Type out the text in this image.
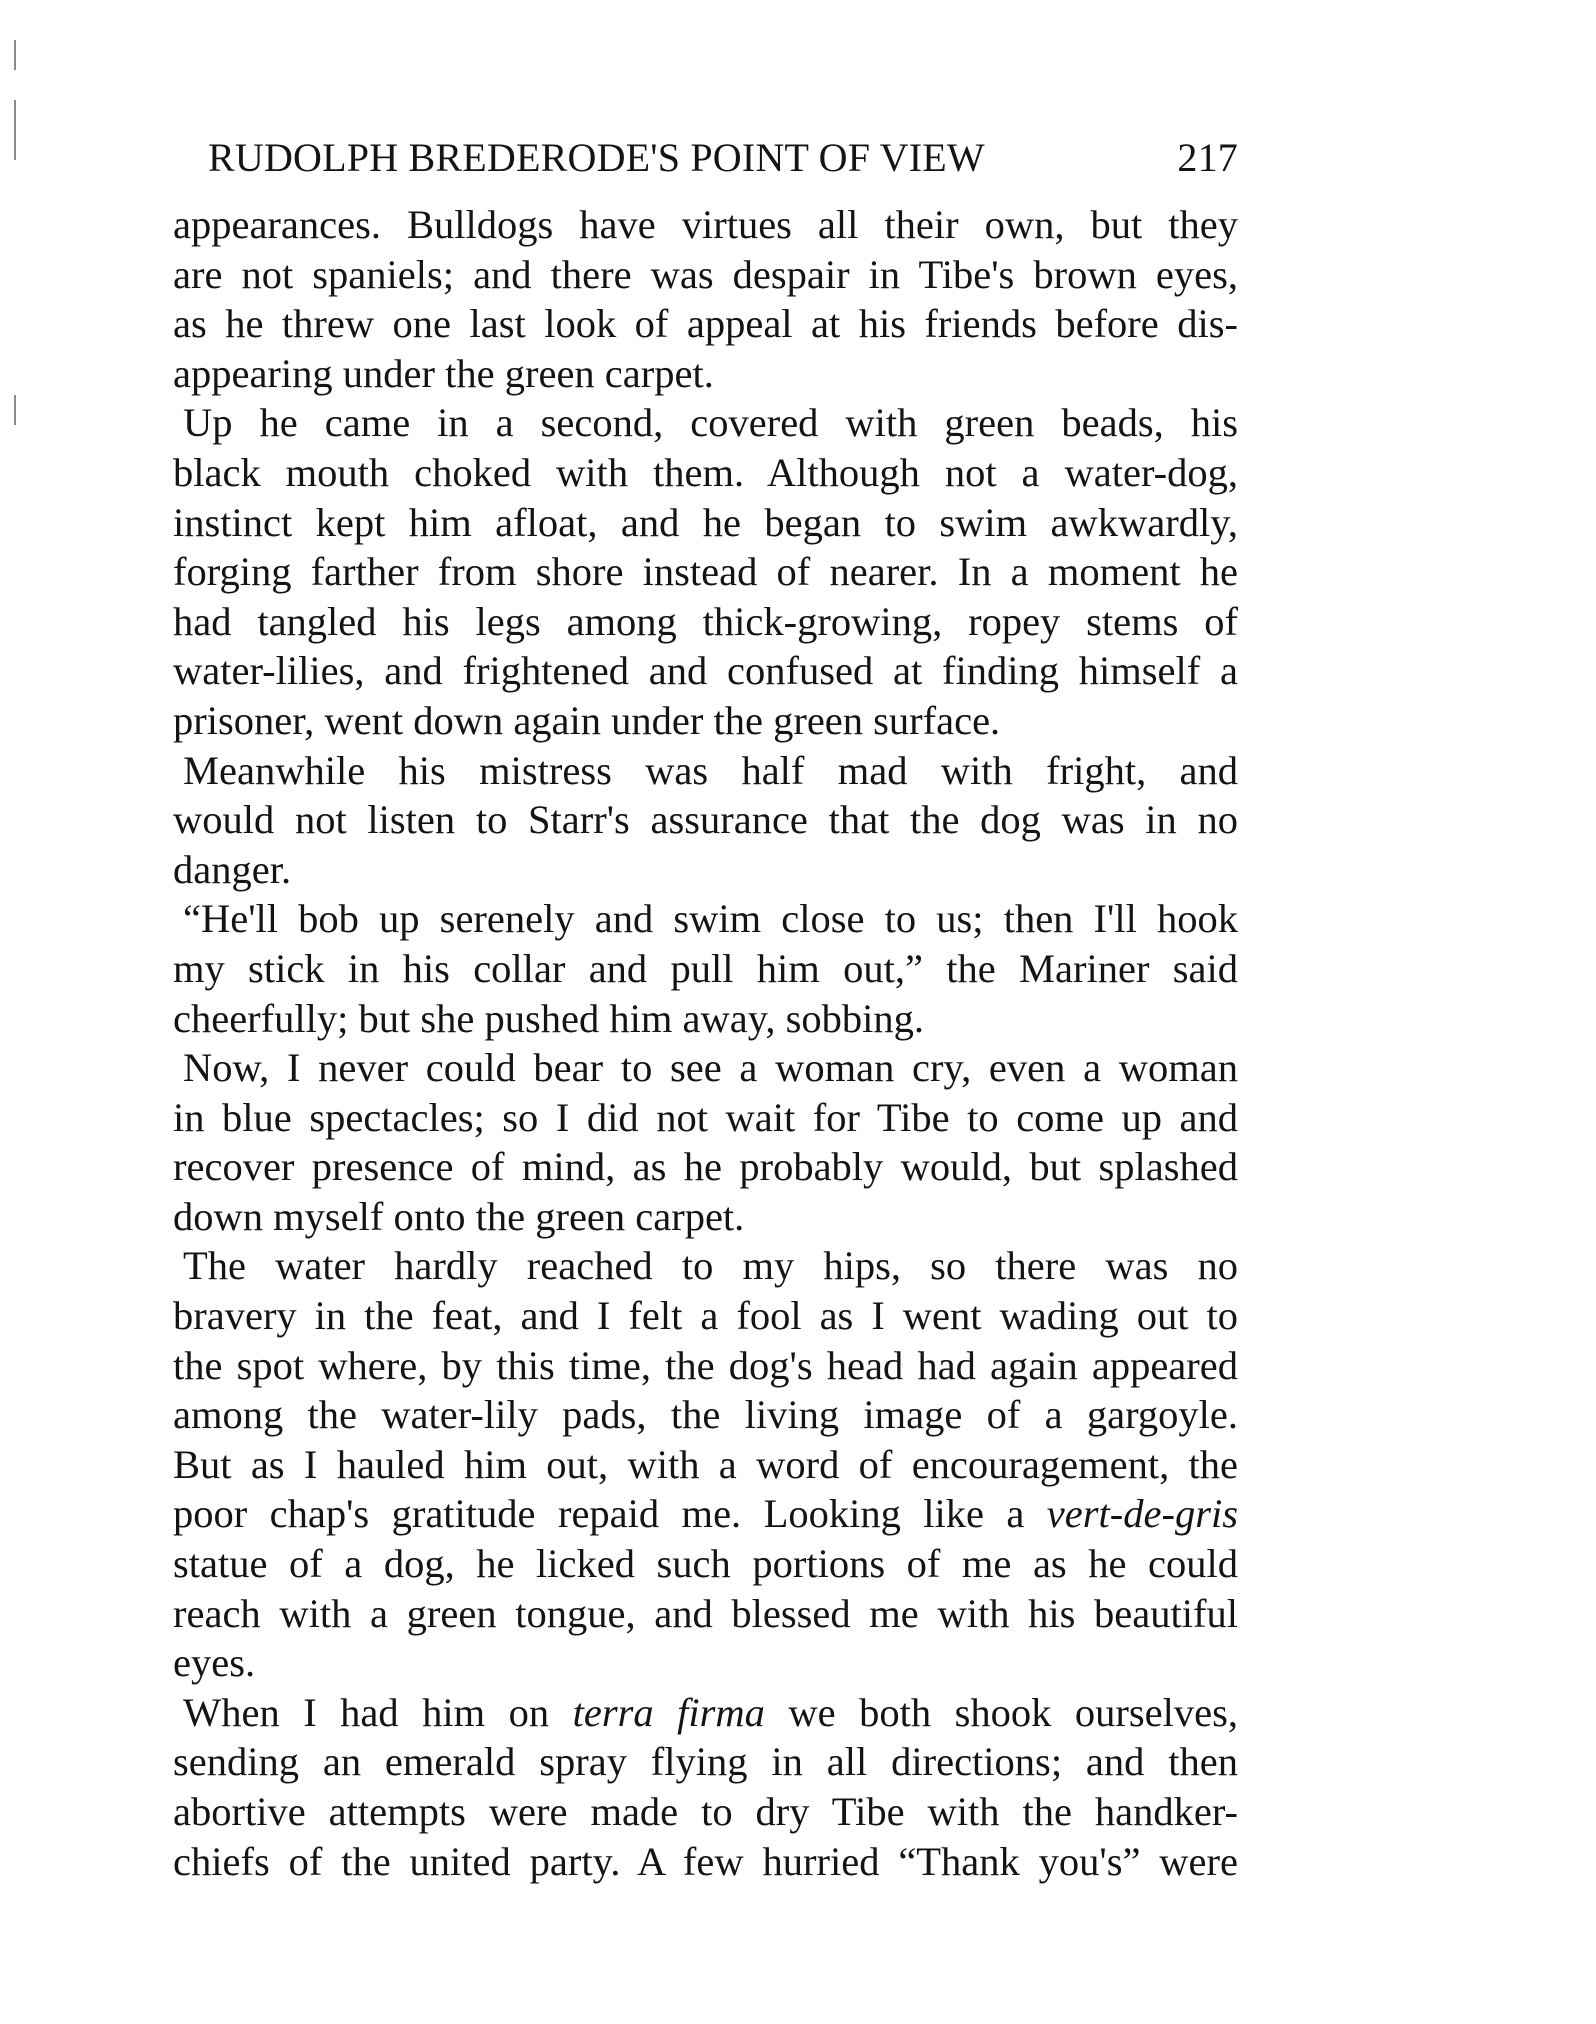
RUDOLPH BREDERODE'S POINT OF VIEW	217
appearances. Bulldogs have virtues all their own, but they
are not spaniels; and there was despair in Tibe's brown eyes,
as he threw one last look of appeal at his friends before dis-
appearing under the green carpet.
Up he came in a second, covered with green beads, his
black mouth choked with them. Although not a water-dog,
instinct kept him afloat, and he began to swim awkwardly,
forging farther from shore instead of nearer. In a moment he
had tangled his legs among thick-growing, ropey stems of
water-lilies, and frightened and confused at finding himself a
prisoner, went down again under the green surface.
Meanwhile his mistress was half mad with fright, and
would not listen to Starr's assurance that the dog was in no
danger.
“He'll bob up serenely and swim close to us; then I'll hook
my stick in his collar and pull him out,” the Mariner said
cheerfully; but she pushed him away, sobbing.
Now, I never could bear to see a woman cry, even a woman
in blue spectacles; so I did not wait for Tibe to come up and
recover presence of mind, as he probably would, but splashed
down myself onto the green carpet.
The water hardly reached to my hips, so there was no
bravery in the feat, and I felt a fool as I went wading out to
the spot where, by this time, the dog's head had again appeared
among the water-lily pads, the living image of a gargoyle.
But as I hauled him out, with a word of encouragement, the
poor chap's gratitude repaid me. Looking like a vert-de-gris
statue of a dog, he licked such portions of me as he could
reach with a green tongue, and blessed me with his beautiful
eyes.
When I had him on terra firma we both shook ourselves,
sending an emerald spray flying in all directions; and then
abortive attempts were made to dry Tibe with the handker-
chiefs of the united party. A few hurried “Thank you's” were
